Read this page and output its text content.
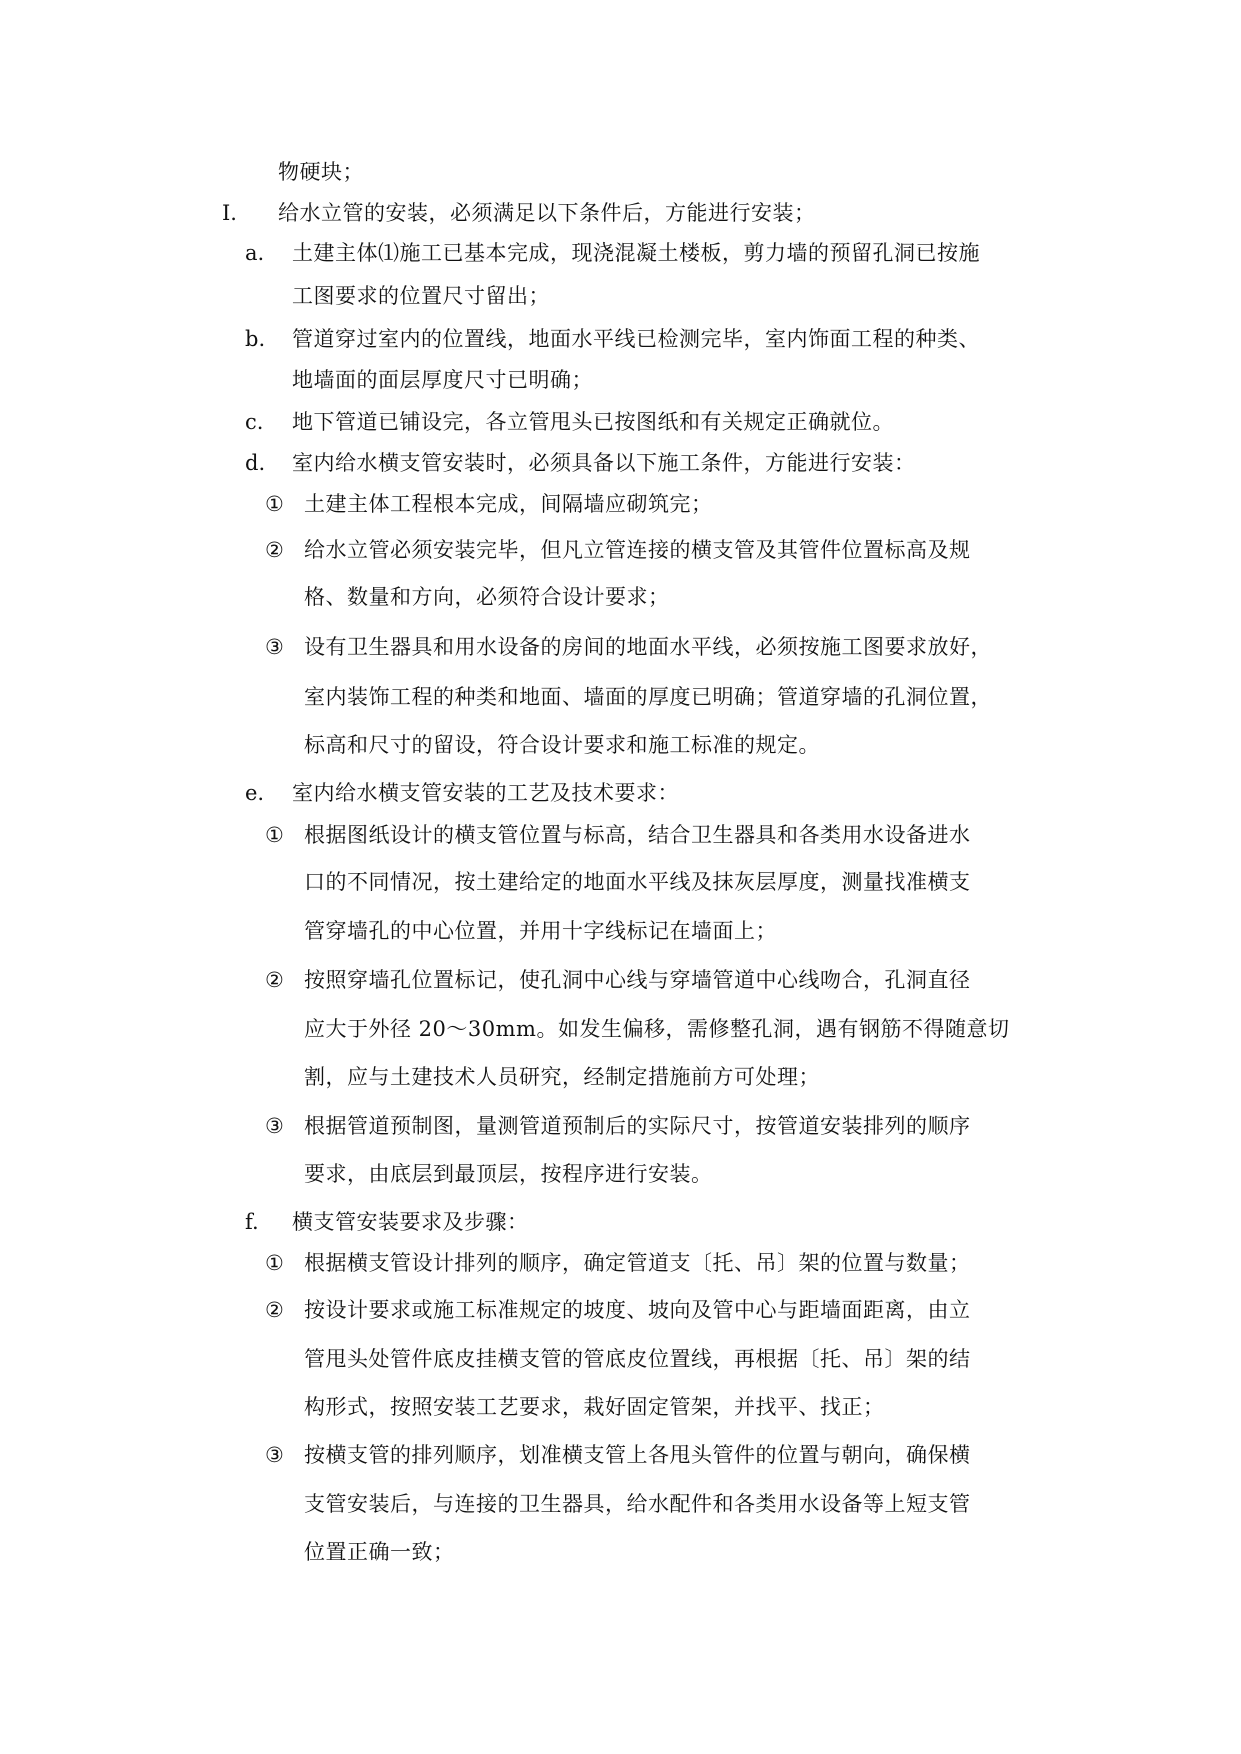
物硬块；
I. 给水立管的安装，必须满足以下条件后，方能进行安装；
a. 土建主体⑴施工已基本完成，现浇混凝土楼板，剪力墙的预留孔洞已按施
工图要求的位置尺寸留出；
b. 管道穿过室内的位置线，地面水平线已检测完毕，室内饰面工程的种类、
地墙面的面层厚度尺寸已明确；
c. 地下管道已铺设完，各立管甩头已按图纸和有关规定正确就位。
d. 室内给水横支管安装时，必须具备以下施工条件，方能进行安装：
① 土建主体工程根本完成，间隔墙应砌筑完；
② 给水立管必须安装完毕，但凡立管连接的横支管及其管件位置标高及规
格、数量和方向，必须符合设计要求；
③ 设有卫生器具和用水设备的房间的地面水平线，必须按施工图要求放好，
室内装饰工程的种类和地面、墙面的厚度已明确；管道穿墙的孔洞位置，
标高和尺寸的留设，符合设计要求和施工标准的规定。
e. 室内给水横支管安装的工艺及技术要求：
① 根据图纸设计的横支管位置与标高，结合卫生器具和各类用水设备进水
口的不同情况，按土建给定的地面水平线及抹灰层厚度，测量找准横支
管穿墙孔的中心位置，并用十字线标记在墙面上；
② 按照穿墙孔位置标记，使孔洞中心线与穿墙管道中心线吻合，孔洞直径
应大于外径 20～30mm。如发生偏移，需修整孔洞，遇有钢筋不得随意切
割，应与土建技术人员研究，经制定措施前方可处理；
③ 根据管道预制图，量测管道预制后的实际尺寸，按管道安装排列的顺序
要求，由底层到最顶层，按程序进行安装。
f. 横支管安装要求及步骤：
① 根据横支管设计排列的顺序，确定管道支〔托、吊〕架的位置与数量；
② 按设计要求或施工标准规定的坡度、坡向及管中心与距墙面距离，由立
管甩头处管件底皮挂横支管的管底皮位置线，再根据〔托、吊〕架的结
构形式，按照安装工艺要求，栽好固定管架，并找平、找正；
③ 按横支管的排列顺序，划准横支管上各甩头管件的位置与朝向，确保横
支管安装后，与连接的卫生器具，给水配件和各类用水设备等上短支管
位置正确一致；
